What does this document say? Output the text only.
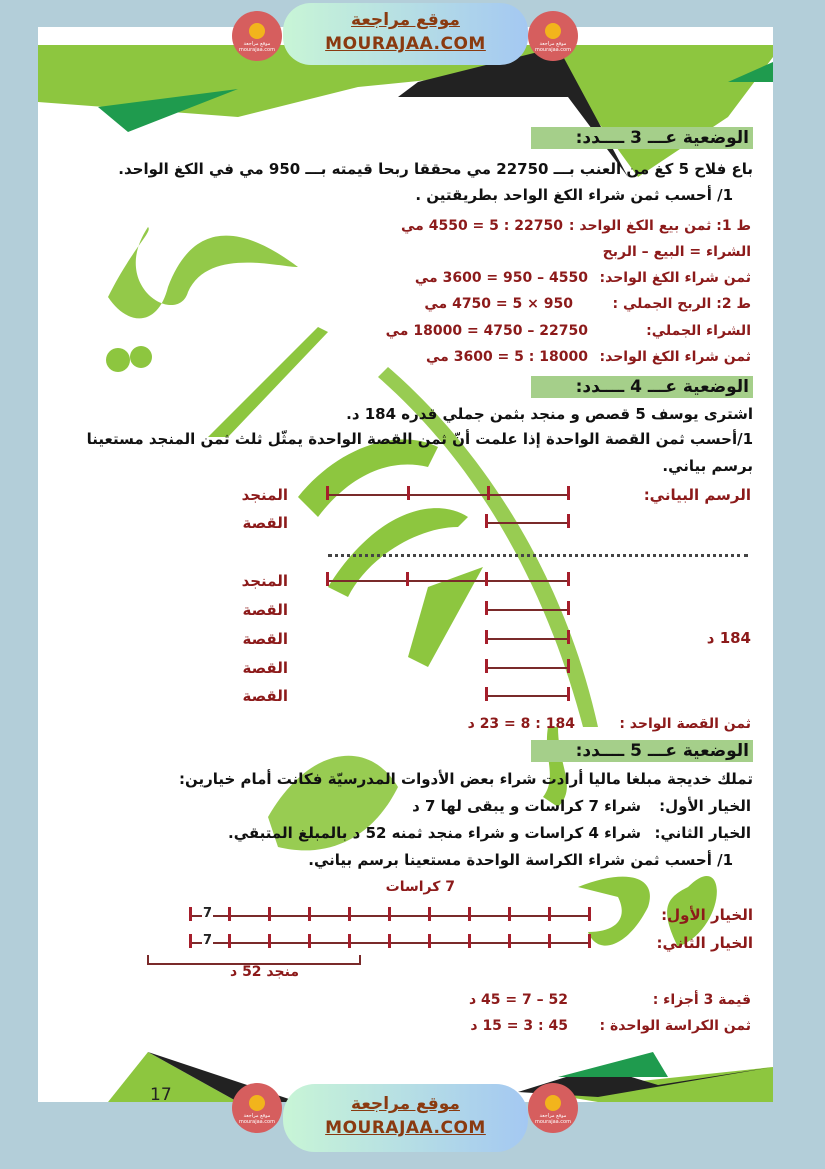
الوضعية عـــ 3 ــــدد:
باع فلاح 5 كغ من العنب بـــ 22750 مي محققا ربحا قيمته بـــ 950 مي في الكغ الواحد.
1/ أحسب ثمن شراء الكغ الواحد بطريقتين .
ط 1: ثمن بيع الكغ الواحد :
22750 : 5 = 4550 مي
الشراء = البيع – الربح
ثمن شراء الكغ الواحد:
4550 – 950 = 3600 مي
ط 2: الربح الجملي :
950 × 5 = 4750 مي
الشراء الجملي:
22750 – 4750 = 18000 مي
ثمن شراء الكغ الواحد:
18000 : 5 = 3600 مي
الوضعية عـــ 4 ــــدد:
اشترى يوسف 5 قصص و منجد بثمن جملي قدره 184 د.
1/أحسب ثمن القصة الواحدة إذا علمت أنّ ثمن القصة الواحدة يمثّل ثلث ثمن المنجد مستعينا
برسم بياني.
الرسم البياني:
المنجد
القصة
المنجد
القصة
القصة
القصة
القصة
184 د
ثمن القصة الواحد :
184 : 8 = 23 د
الوضعية عـــ 5 ــــدد:
تملك خديجة مبلغا ماليا أرادت شراء بعض الأدوات المدرسيّة فكانت أمام خيارين:
الخيار الأول:
شراء 7 كراسات و يبقى لها 7 د
الخيار الثاني:
شراء 4 كراسات و شراء منجد ثمنه 52 د بالمبلغ المتبقي.
1/ أحسب ثمن شراء الكراسة الواحدة مستعينا برسم بياني.
7 كراسات
الخيار الأول:
الخيار الثاني:
7
7
منجد 52 د
قيمة 3 أجزاء :
52 – 7 = 45 د
ثمن الكراسة الواحدة :
45 : 3 = 15 د
17
موقع مراجعة mourajaa.com
موقع مراجعة
MOURAJAA.COM	موقع مراجعة mourajaa.com
موقع مراجعة mourajaa.com
موقع مراجعة
MOURAJAA.COM
موقع مراجعة mourajaa.com
